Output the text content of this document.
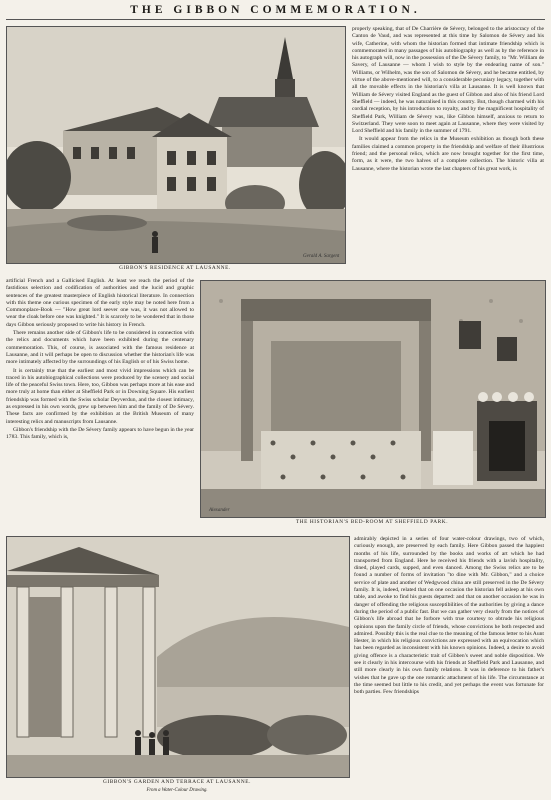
THE GIBBON COMMEMORATION.
Gerald A. Sargent
GIBBON'S RESIDENCE AT LAUSANNE.

properly speaking, that of De Charrière de Sévery, belonged to the aristocracy of the Canton de Vaud, and was represented at this time by Salomon de Sévery and his wife, Catherine, with whom the historian formed that intimate friendship which is commemorated in many passages of his autobiography as well as by the reference in his autograph will, now in the possession of the De Sévery family, to "Mr. William de Savery, of Lausanne — whom I wish to style by the endearing name of son." Williams, or Wilhelm, was the son of Salomon de Sévery, and he became entitled, by virtue of the above-mentioned will, to a considerable pecuniary legacy, together with all the movable effects in the historian's villa at Lausanne. It is well known that William de Sévery visited England as the guest of Gibbon and also of his friend Lord Sheffield — indeed, he was naturalised in this country. But, though charmed with his cordial reception, by his introduction to royalty, and by the magnificent hospitality of Sheffield Park, William de Sévery was, like Gibbon himself, anxious to return to Switzerland. They were soon to meet again at Lausanne, where they were visited by Lord Sheffield and his family in the summer of 1791.

It would appear from the relics in the Museum exhibition as though both these families claimed a common property in the friendship and welfare of their illustrious friend; and the personal relics, which are now brought together for the first time, form, as it were, the two halves of a complete collection. The historic villa at Lausanne, where the historian wrote the last chapters of his great work, is

artificial French and a Gallicised English. At least we reach the period of the fastidious selection and codification of authorities and the lucid and graphic sentences of the greatest masterpiece of English historical literature. In connection with this theme one curious specimen of the early style may be noted here from a Commonplace-Book — "How great lord seever one was, it was not allowed to wear the cloak before one was knighted." It is scarcely to be wondered that in those days Gibbon seriously proposed to write his history in French.

There remains another side of Gibbon's life to be considered in connection with the relics and documents which have been exhibited during the centenary commemoration. This, of course, is associated with the famous residence at Lausanne, and it will perhaps be open to discussion whether the historian's life was more intimately affected by the surroundings of his English or of his Swiss home.

It is certainly true that the earliest and most vivid impressions which can be traced in his autobiographical collections were produced by the scenery and social life of the peaceful Swiss town. Here, too, Gibbon was perhaps more at his ease and more truly at home than either at Sheffield Park or in Downing Square. His earliest friendship was formed with the Swiss scholar Deyverdun, and the closest intimacy, as expressed in his own words, grew up between him and the family of De Sévery. These facts are confirmed by the exhibition at the British Museum of many interesting relics and manuscripts from Lausanne.

Gibbon's friendship with the De Sévery family appears to have begun in the year 1783. This family, which is,

Alexander
THE HISTORIAN'S BED-ROOM AT SHEFFIELD PARK.
GIBBON'S GARDEN AND TERRACE AT LAUSANNE.
From a Water-Colour Drawing.

admirably depicted in a series of four water-colour drawings, two of which, curiously enough, are preserved by each family. Here Gibbon passed the happiest months of his life, surrounded by the books and works of art which he had transported from England. Here he received his friends with a lavish hospitality, dined, played cards, supped, and even danced. Among the Swiss relics are to be found a number of forms of invitation "to dine with Mr. Gibbon," and a choice service of plate and another of Wedgwood china are still preserved in the De Sévery family. It is, indeed, related that on one occasion the historian fell asleep at his own table, and awoke to find his guests departed: and that on another occasion he was in danger of offending the religious susceptibilities of the authorities by giving a dance during the period of a public fast. But we can gather very clearly from the notices of Gibbon's life abroad that he forbore with true courtesy to obtrude his religious opinions upon the family circle of friends, whose convictions he both respected and admired. Possibly this is the real clue to the meaning of the famous letter to his Aunt Hester, in which his religious convictions are expressed with an equivocation which has been regarded as inconsistent with his known opinions. Indeed, a desire to avoid giving offence is a characteristic trait of Gibben's sweet and noble disposition. We see it clearly in his intercourse with his friends at Sheffield Park and Lausanne, and still more clearly in his own family relations. It was in deference to his father's wishes that he gave up the one romantic attachment of his life. The circumstance at the time seemed but little to his credit, and yet perhaps the event was fortunate for both parties. Few friendships
